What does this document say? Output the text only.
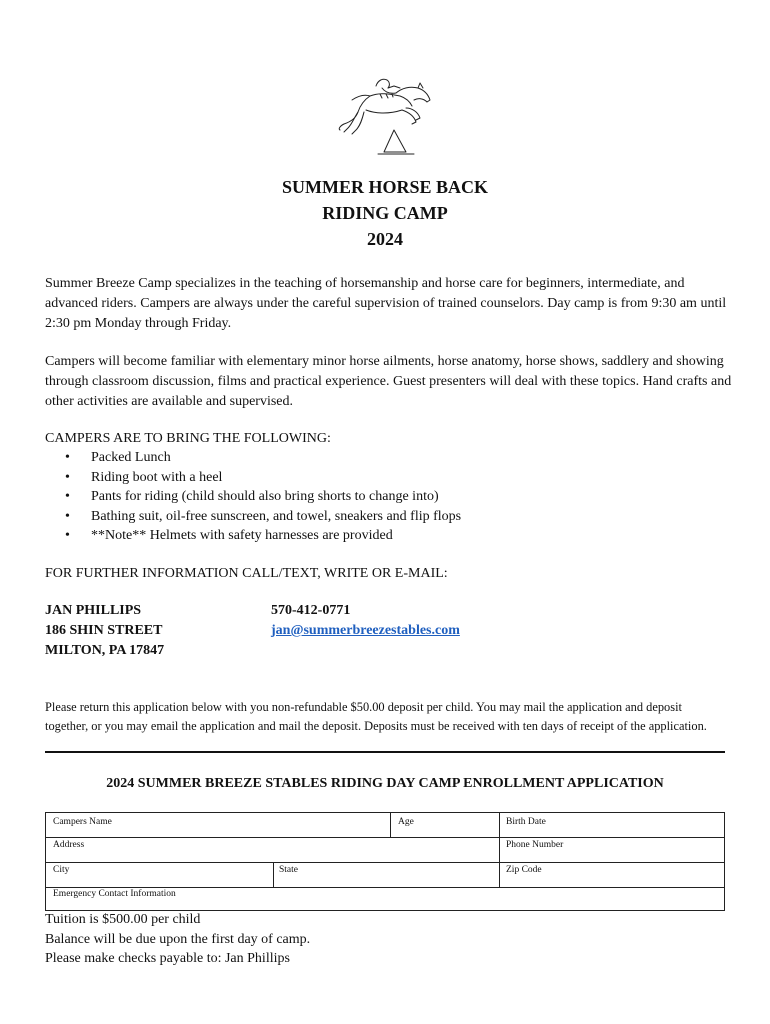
SUMMER HORSE BACK
RIDING CAMP
2024

Summer Breeze Camp specializes in the teaching of horsemanship and horse care for beginners, intermediate, and advanced riders. Campers are always under the careful supervision of trained counselors. Day camp is from 9:30 am until 2:30 pm Monday through Friday.

Campers will become familiar with elementary minor horse ailments, horse anatomy, horse shows, saddlery and showing through classroom discussion, films and practical experience. Guest presenters will deal with these topics. Hand crafts and other activities are available and supervised.

CAMPERS ARE TO BRING THE FOLLOWING:

• Packed Lunch
• Riding boot with a heel
• Pants for riding (child should also bring shorts to change into)
• Bathing suit, oil-free sunscreen, and towel, sneakers and flip flops
• **Note** Helmets with safety harnesses are provided

FOR FURTHER INFORMATION CALL/TEXT, WRITE OR E-MAIL:

JAN PHILLIPS
186 SHIN STREET
MILTON, PA 17847
570-412-0771
jan@summerbreezestables.com
Please return this application below with you non-refundable $50.00 deposit per child. You may mail the application and deposit together, or you may email the application and mail the deposit. Deposits must be received with ten days of receipt of the application.
2024 SUMMER BREEZE STABLES RIDING DAY CAMP ENROLLMENT APPLICATION
Campers Name	Age	Birth Date
Address	Phone Number
City	State	Zip Code
Emergency Contact Information
Tuition is $500.00 per child
Balance will be due upon the first day of camp.
Please make checks payable to: Jan Phillips
